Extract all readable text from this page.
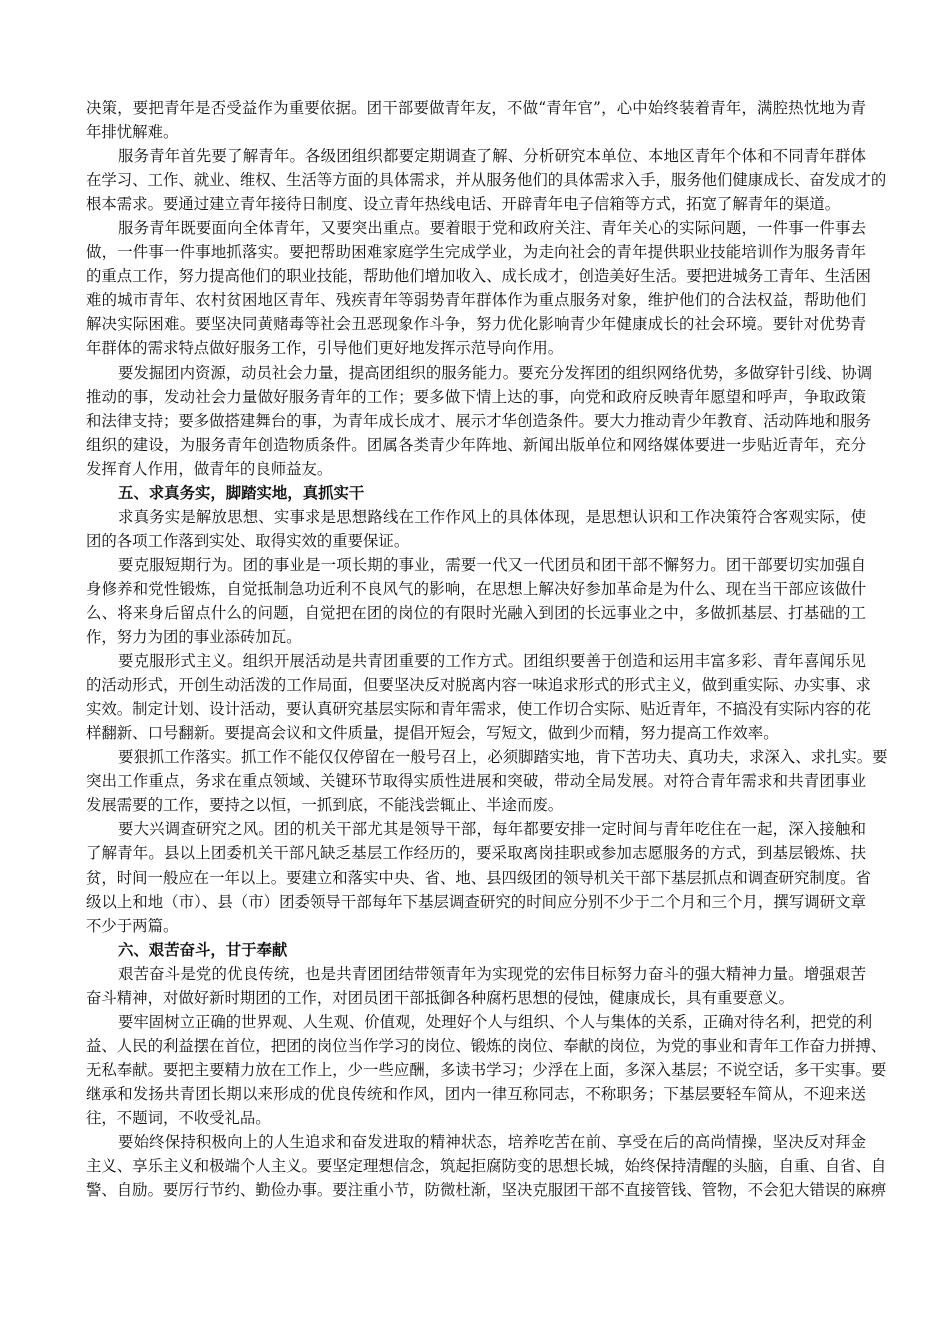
决策，要把青年是否受益作为重要依据。团干部要做青年友，不做“青年官”，心中始终装着青年，满腔热忱地为青
年排忧解难。
服务青年首先要了解青年。各级团组织都要定期调查了解、分析研究本单位、本地区青年个体和不同青年群体
在学习、工作、就业、维权、生活等方面的具体需求，并从服务他们的具体需求入手，服务他们健康成长、奋发成才的
根本需求。要通过建立青年接待日制度、设立青年热线电话、开辟青年电子信箱等方式，拓宽了解青年的渠道。
服务青年既要面向全体青年，又要突出重点。要着眼于党和政府关注、青年关心的实际问题，一件事一件事去
做，一件事一件事地抓落实。要把帮助困难家庭学生完成学业，为走向社会的青年提供职业技能培训作为服务青年
的重点工作，努力提高他们的职业技能，帮助他们增加收入、成长成才，创造美好生活。要把进城务工青年、生活困
难的城市青年、农村贫困地区青年、残疾青年等弱势青年群体作为重点服务对象，维护他们的合法权益，帮助他们
解决实际困难。要坚决同黄赌毒等社会丑恶现象作斗争，努力优化影响青少年健康成长的社会环境。要针对优势青
年群体的需求特点做好服务工作，引导他们更好地发挥示范导向作用。
要发掘团内资源，动员社会力量，提高团组织的服务能力。要充分发挥团的组织网络优势，多做穿针引线、协调
推动的事，发动社会力量做好服务青年的工作；要多做下情上达的事，向党和政府反映青年愿望和呼声，争取政策
和法律支持；要多做搭建舞台的事，为青年成长成才、展示才华创造条件。要大力推动青少年教育、活动阵地和服务
组织的建设，为服务青年创造物质条件。团属各类青少年阵地、新闻出版单位和网络媒体要进一步贴近青年，充分
发挥育人作用，做青年的良师益友。
五、求真务实，脚踏实地，真抓实干
求真务实是解放思想、实事求是思想路线在工作作风上的具体体现，是思想认识和工作决策符合客观实际，使
团的各项工作落到实处、取得实效的重要保证。
要克服短期行为。团的事业是一项长期的事业，需要一代又一代团员和团干部不懈努力。团干部要切实加强自
身修养和党性锻炼，自觉抵制急功近利不良风气的影响，在思想上解决好参加革命是为什么、现在当干部应该做什
么、将来身后留点什么的问题，自觉把在团的岗位的有限时光融入到团的长远事业之中，多做抓基层、打基础的工
作，努力为团的事业添砖加瓦。
要克服形式主义。组织开展活动是共青团重要的工作方式。团组织要善于创造和运用丰富多彩、青年喜闻乐见
的活动形式，开创生动活泼的工作局面，但要坚决反对脱离内容一味追求形式的形式主义，做到重实际、办实事、求
实效。制定计划、设计活动，要认真研究基层实际和青年需求，使工作切合实际、贴近青年，不搞没有实际内容的花
样翻新、口号翻新。要提高会议和文件质量，提倡开短会，写短文，做到少而精，努力提高工作效率。
要狠抓工作落实。抓工作不能仅仅停留在一般号召上，必须脚踏实地，肯下苦功夫、真功夫，求深入、求扎实。要
突出工作重点，务求在重点领域、关键环节取得实质性进展和突破，带动全局发展。对符合青年需求和共青团事业
发展需要的工作，要持之以恒，一抓到底，不能浅尝辄止、半途而废。
要大兴调查研究之风。团的机关干部尤其是领导干部，每年都要安排一定时间与青年吃住在一起，深入接触和
了解青年。县以上团委机关干部凡缺乏基层工作经历的，要采取离岗挂职或参加志愿服务的方式，到基层锻炼、扶
贫，时间一般应在一年以上。要建立和落实中央、省、地、县四级团的领导机关干部下基层抓点和调查研究制度。省
级以上和地（市）、县（市）团委领导干部每年下基层调查研究的时间应分别不少于二个月和三个月，撰写调研文章
不少于两篇。
六、艰苦奋斗，甘于奉献
艰苦奋斗是党的优良传统，也是共青团团结带领青年为实现党的宏伟目标努力奋斗的强大精神力量。增强艰苦
奋斗精神，对做好新时期团的工作，对团员团干部抵御各种腐朽思想的侵蚀，健康成长，具有重要意义。
要牢固树立正确的世界观、人生观、价值观，处理好个人与组织、个人与集体的关系，正确对待名利，把党的利
益、人民的利益摆在首位，把团的岗位当作学习的岗位、锻炼的岗位、奉献的岗位，为党的事业和青年工作奋力拼搏、
无私奉献。要把主要精力放在工作上，少一些应酬，多读书学习；少浮在上面，多深入基层；不说空话，多干实事。要
继承和发扬共青团长期以来形成的优良传统和作风，团内一律互称同志，不称职务；下基层要轻车简从，不迎来送
往，不题词，不收受礼品。
要始终保持积极向上的人生追求和奋发进取的精神状态，培养吃苦在前、享受在后的高尚情操，坚决反对拜金
主义、享乐主义和极端个人主义。要坚定理想信念，筑起拒腐防变的思想长城，始终保持清醒的头脑，自重、自省、自
警、自励。要厉行节约、勤俭办事。要注重小节，防微杜渐，坚决克服团干部不直接管钱、管物，不会犯大错误的麻痹
